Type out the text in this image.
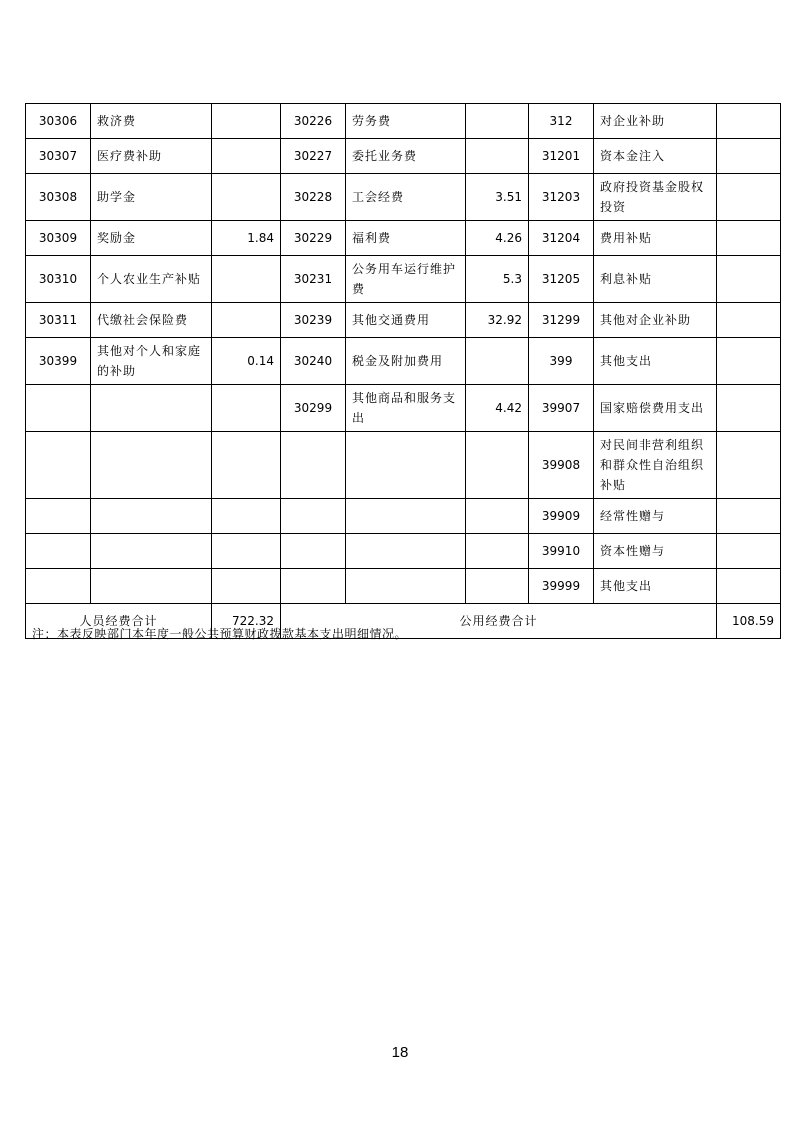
30306	救济费		30226	劳务费		312	对企业补助	
30307	医疗费补助		30227	委托业务费		31201	资本金注入	
30308	助学金		30228	工会经费	3.51	31203	政府投资基金股权投资	
30309	奖励金	1.84	30229	福利费	4.26	31204	费用补贴	
30310	个人农业生产补贴		30231	公务用车运行维护费	5.3	31205	利息补贴	
30311	代缴社会保险费		30239	其他交通费用	32.92	31299	其他对企业补助	
30399	其他对个人和家庭的补助	0.14	30240	税金及附加费用		399	其他支出	
			30299	其他商品和服务支出	4.42	39907	国家赔偿费用支出	
						39908	对民间非营利组织和群众性自治组织补贴	
						39909	经常性赠与	
						39910	资本性赠与	
						39999	其他支出	
人员经费合计		722.32	公用经费合计					108.59
注：本表反映部门本年度一般公共预算财政拨款基本支出明细情况。
18
